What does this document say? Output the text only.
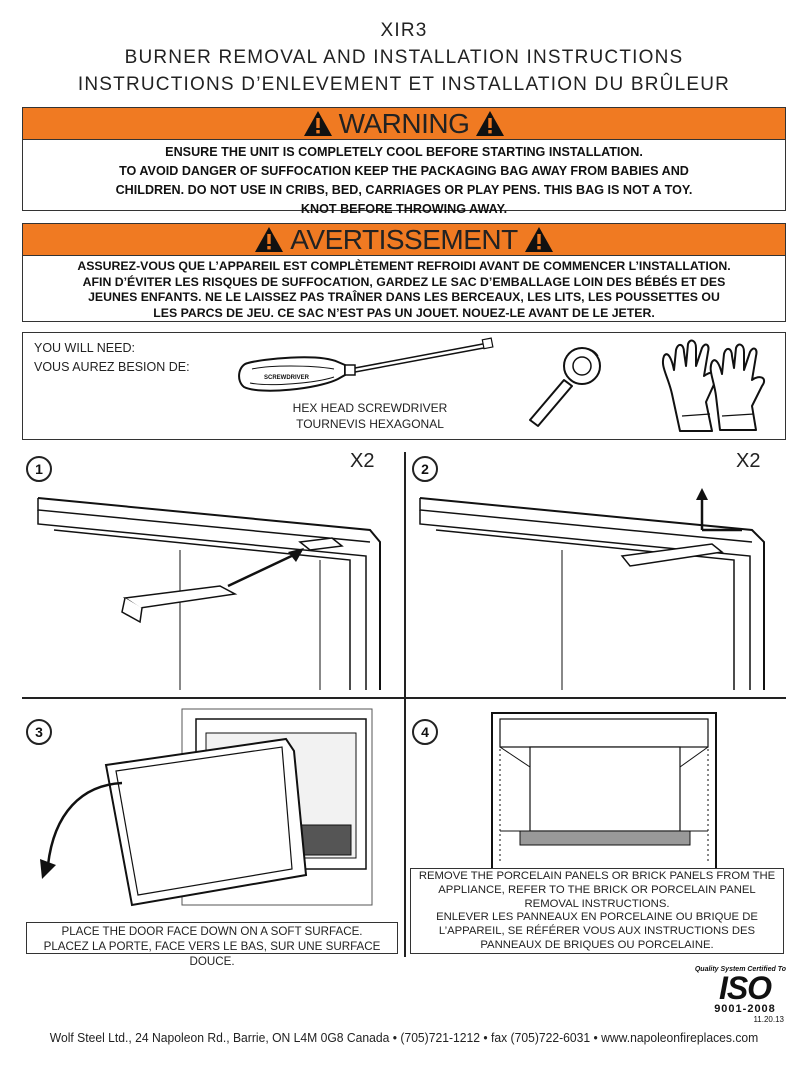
XIR3
BURNER REMOVAL AND INSTALLATION INSTRUCTIONS
INSTRUCTIONS D’ENLEVEMENT ET INSTALLATION DU BRÛLEUR
WARNING
ENSURE THE UNIT IS COMPLETELY COOL BEFORE STARTING INSTALLATION.
TO AVOID DANGER OF SUFFOCATION KEEP THE PACKAGING BAG AWAY FROM BABIES AND
CHILDREN. DO NOT USE IN CRIBS, BED, CARRIAGES OR PLAY PENS. THIS BAG IS NOT A TOY.
KNOT BEFORE THROWING AWAY.
AVERTISSEMENT
ASSUREZ-VOUS QUE L’APPAREIL EST COMPLÈTEMENT REFROIDI AVANT DE COMMENCER L’INSTALLATION.
AFIN D’ÉVITER LES RISQUES DE SUFFOCATION, GARDEZ LE SAC D’EMBALLAGE LOIN DES BÉBÉS ET DES
JEUNES ENFANTS. NE LE LAISSEZ PAS TRAÎNER DANS LES BERCEAUX, LES LITS, LES POUSSETTES OU
LES PARCS DE JEU. CE SAC N’EST PAS UN JOUET. NOUEZ-LE AVANT DE LE JETER.
YOU WILL NEED:
VOUS AUREZ BESION DE:
SCREWDRIVER
HEX HEAD SCREWDRIVER
TOURNEVIS HEXAGONAL
1	X2	2	X2
3
PLACE THE DOOR FACE DOWN ON A SOFT SURFACE.
PLACEZ LA PORTE, FACE VERS LE BAS, SUR UNE SURFACE DOUCE.
4
REMOVE THE PORCELAIN PANELS OR BRICK PANELS FROM THE
APPLIANCE, REFER TO THE BRICK OR PORCELAIN PANEL
REMOVAL INSTRUCTIONS.
ENLEVER LES PANNEAUX EN PORCELAINE OU BRIQUE DE
L’APPAREIL, SE RÉFÉRER VOUS AUX INSTRUCTIONS DES
PANNEAUX DE BRIQUES OU PORCELAINE.
Quality System Certified To
ISO
9001-2008
11.20.13
Wolf Steel Ltd., 24 Napoleon Rd., Barrie, ON L4M 0G8 Canada • (705)721-1212 • fax (705)722-6031 • www.napoleonfireplaces.com
